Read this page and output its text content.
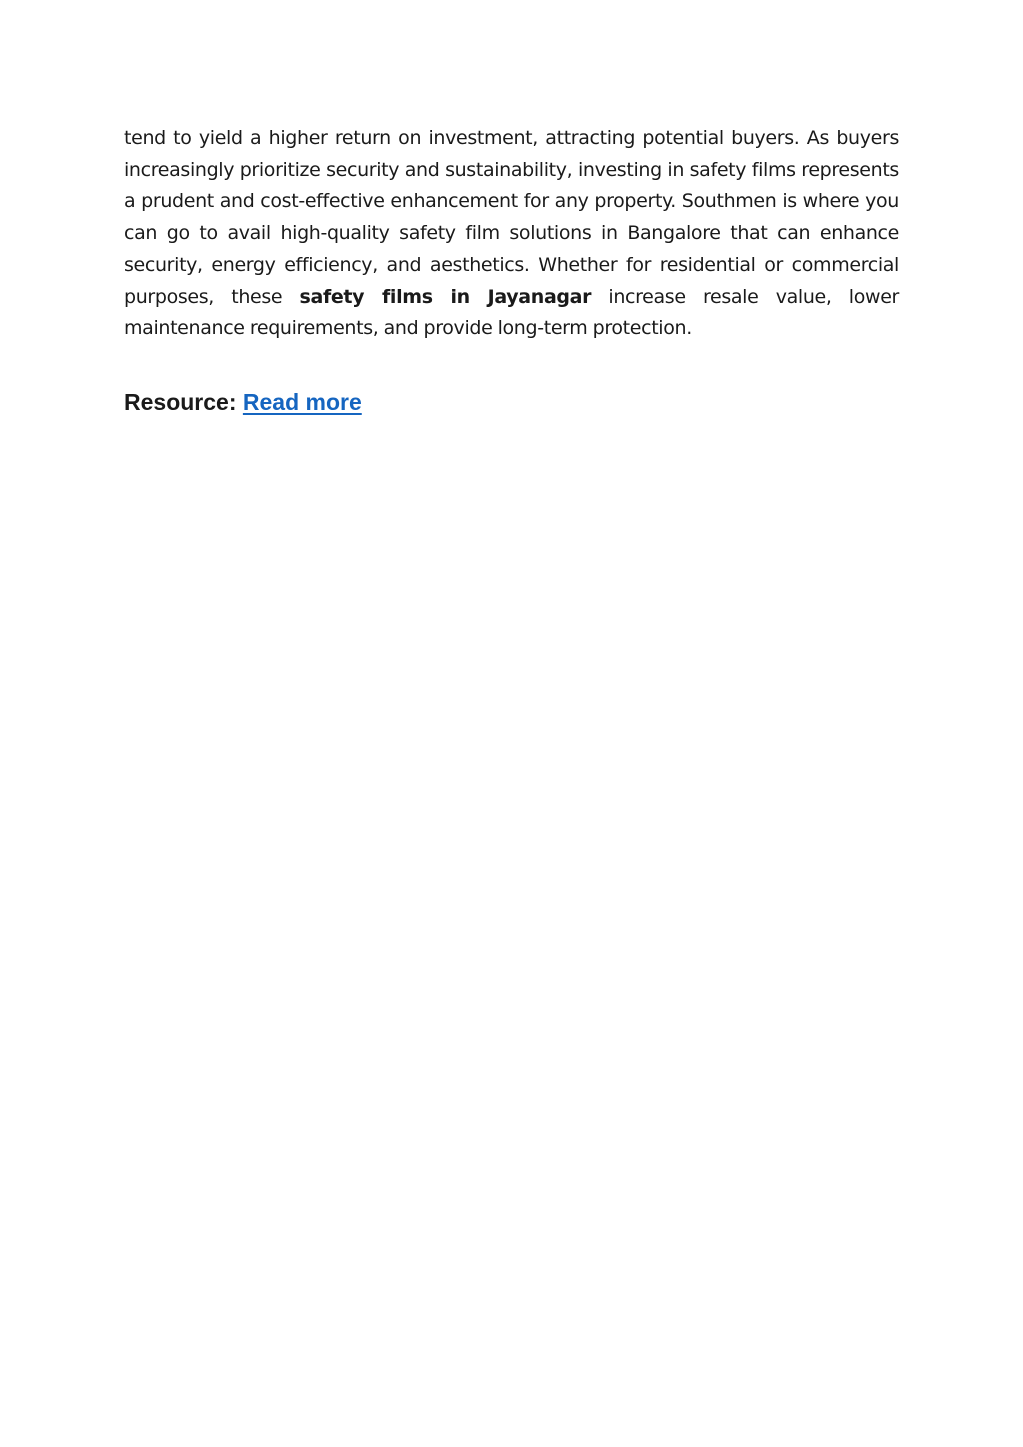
tend to yield a higher return on investment, attracting potential buyers. As buyers increasingly prioritize security and sustainability, investing in safety films represents a prudent and cost-effective enhancement for any property. Southmen is where you can go to avail high-quality safety film solutions in Bangalore that can enhance security, energy efficiency, and aesthetics. Whether for residential or commercial purposes, these safety films in Jayanagar increase resale value, lower maintenance requirements, and provide long-term protection.

Resource: Read more
